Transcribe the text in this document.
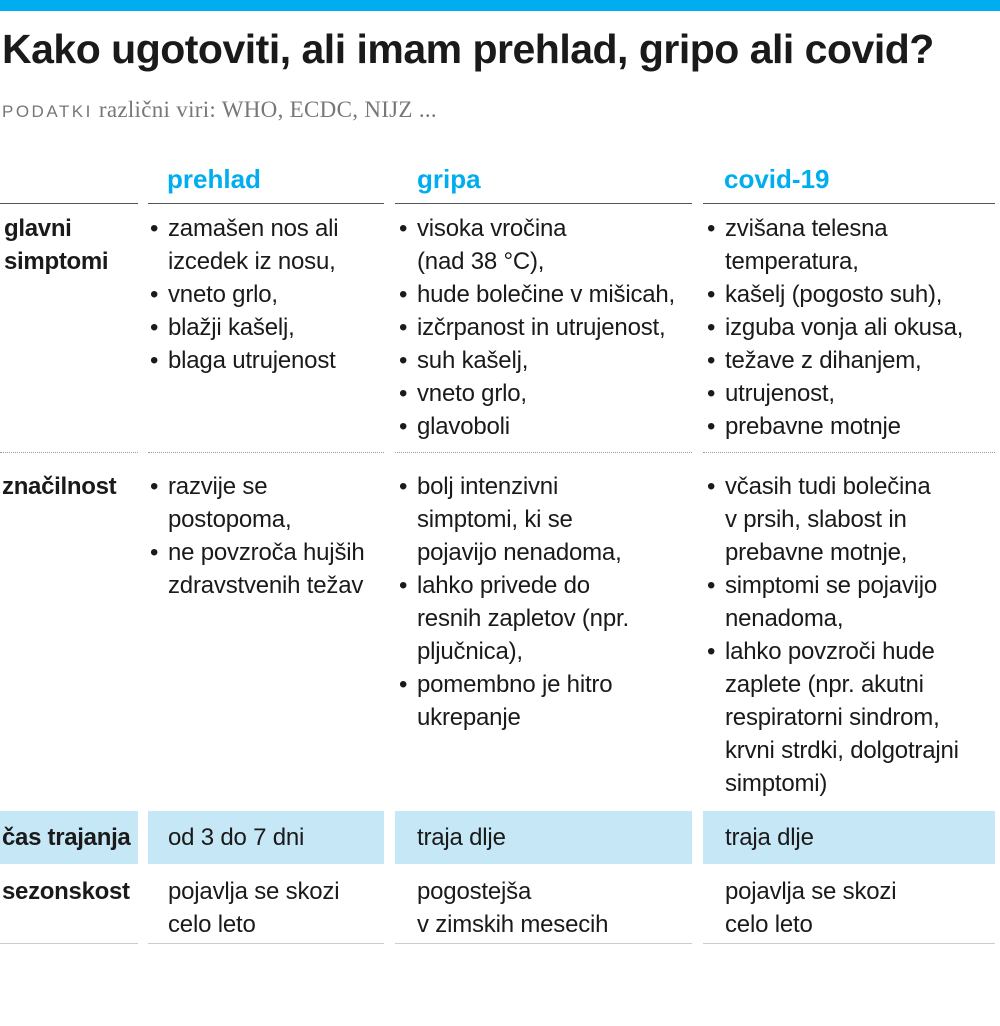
Kako ugotoviti, ali imam prehlad, gripo ali covid?
PODATKI različni viri: WHO, ECDC, NIJZ ...
prehlad	gripa	covid-19
glavni
simptomi
• zamašen nos ali
izcedek iz nosu,
• vneto grlo,
• blažji kašelj,
• blaga utrujenost
• visoka vročina
(nad 38 °C),
• hude bolečine v mišicah,
• izčrpanost in utrujenost,
• suh kašelj,
• vneto grlo,
• glavoboli
• zvišana telesna
temperatura,
• kašelj (pogosto suh),
• izguba vonja ali okusa,
• težave z dihanjem,
• utrujenost,
• prebavne motnje
značilnost
•	razvije se
postopoma,
• ne povzroča hujših
zdravstvenih težav
• bolj intenzivni
simptomi, ki se
pojavijo nenadoma,
• lahko privede do
resnih zapletov (npr.
pljučnica),
• pomembno je hitro
ukrepanje
• včasih tudi bolečina
v prsih, slabost in
prebavne motnje,
• simptomi se pojavijo
nenadoma,
• lahko povzroči hude
zaplete (npr. akutni
respiratorni sindrom,
krvni strdki, dolgotrajni
simptomi)
čas trajanja od 3 do 7 dni	traja dlje	traja dlje
sezonskost pojavlja se skozi
celo leto
pogostejša
v zimskih mesecih
pojavlja se skozi
celo leto
